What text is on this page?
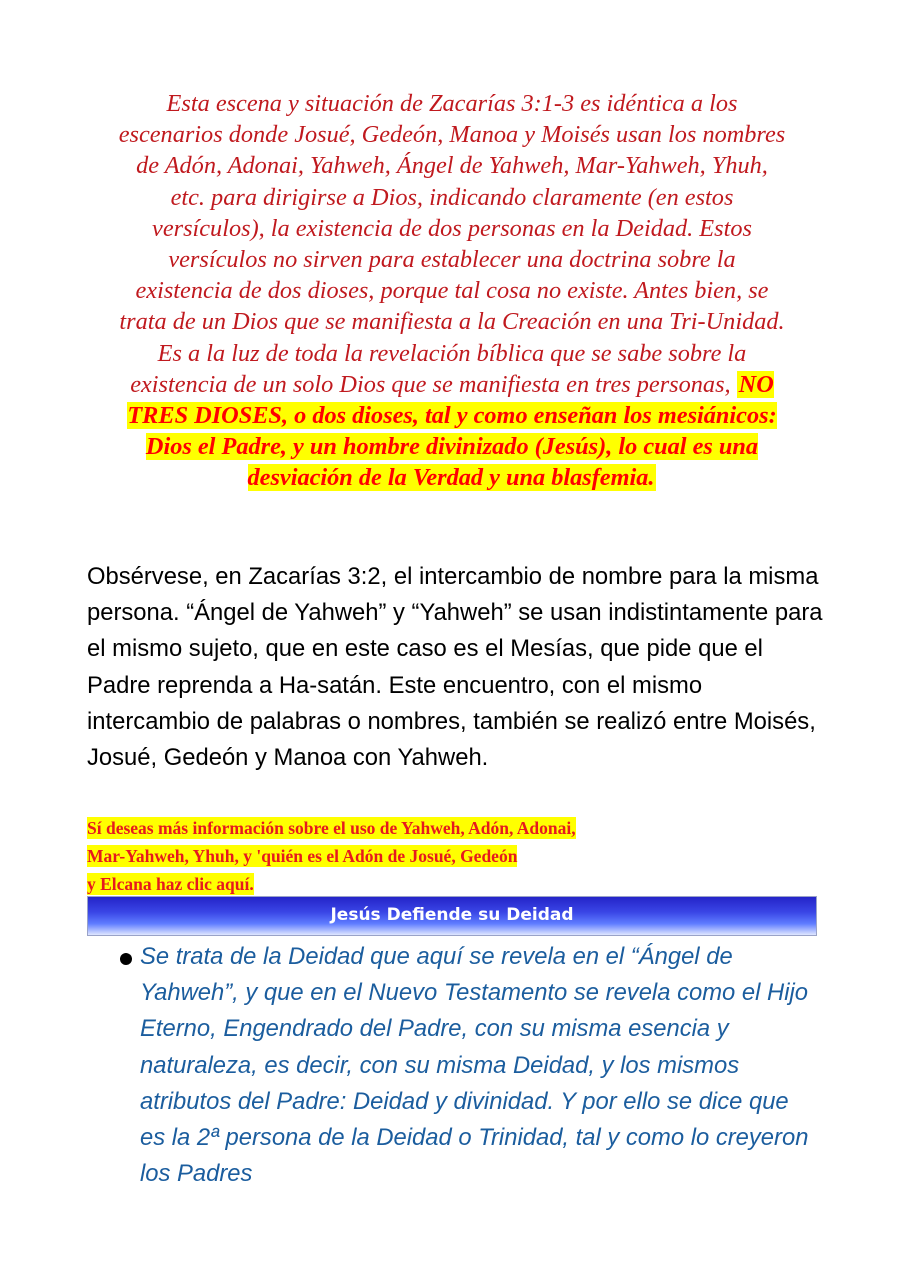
Esta escena y situación de Zacarías 3:1-3 es idéntica a los escenarios donde Josué, Gedeón, Manoa y Moisés usan los nombres de Adón, Adonai, Yahweh, Ángel de Yahweh, Mar-Yahweh, Yhuh, etc. para dirigirse a Dios, indicando claramente (en estos versículos), la existencia de dos personas en la Deidad. Estos versículos no sirven para establecer una doctrina sobre la existencia de dos dioses, porque tal cosa no existe. Antes bien, se trata de un Dios que se manifiesta a la Creación en una Tri-Unidad. Es a la luz de toda la revelación bíblica que se sabe sobre la existencia de un solo Dios que se manifiesta en tres personas, NO TRES DIOSES, o dos dioses, tal y como enseñan los mesiánicos: Dios el Padre, y un hombre divinizado (Jesús), lo cual es una desviación de la Verdad y una blasfemia.
Obsérvese, en Zacarías 3:2, el intercambio de nombre para la misma persona. “Ángel de Yahweh” y “Yahweh” se usan indistintamente para el mismo sujeto, que en este caso es el Mesías, que pide que el Padre reprenda a Ha-satán. Este encuentro, con el mismo intercambio de palabras o nombres, también se realizó entre Moisés, Josué, Gedeón y Manoa con Yahweh.
Sí deseas más información sobre el uso de Yahweh, Adón, Adonai,
Mar-Yahweh, Yhuh, y 'quién es el Adón de Josué, Gedeón
y Elcana haz clic aquí.
Jesús Defiende su Deidad
Se trata de la Deidad que aquí se revela en el “Ángel de Yahweh”, y que en el Nuevo Testamento se revela como el Hijo Eterno, Engendrado del Padre, con su misma esencia y naturaleza, es decir, con su misma Deidad, y los mismos atributos del Padre: Deidad y divinidad. Y por ello se dice que es la 2ª persona de la Deidad o Trinidad, tal y como lo creyeron los Padres
